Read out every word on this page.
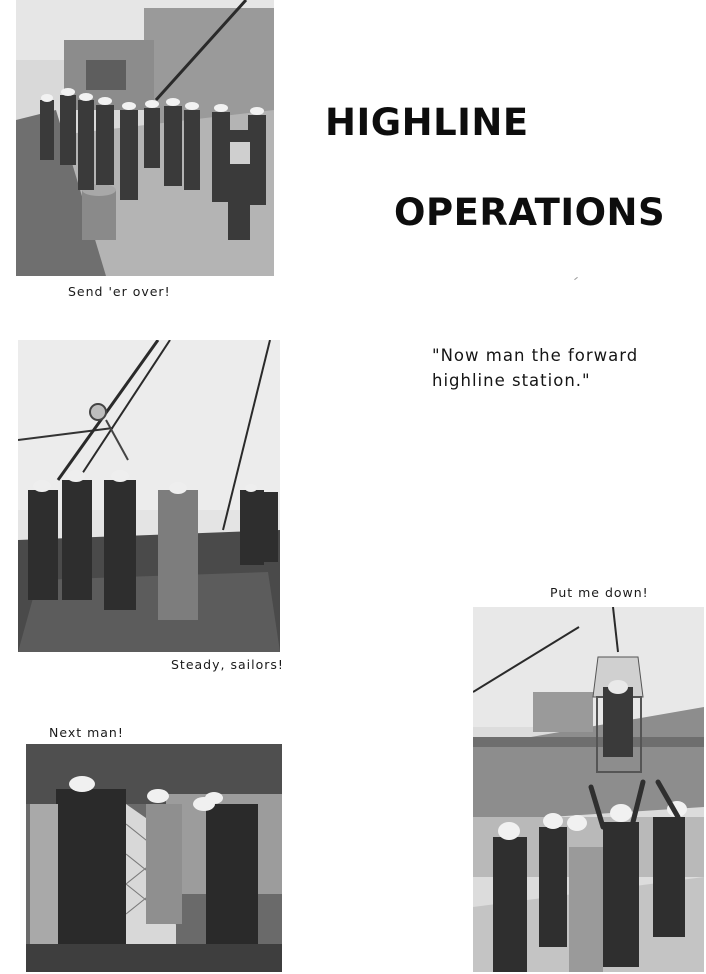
HIGHLINE
OPERATIONS
"Now man the forward
highline station."
Send 'er over!
Steady, sailors!
Next man!
Put me down!
